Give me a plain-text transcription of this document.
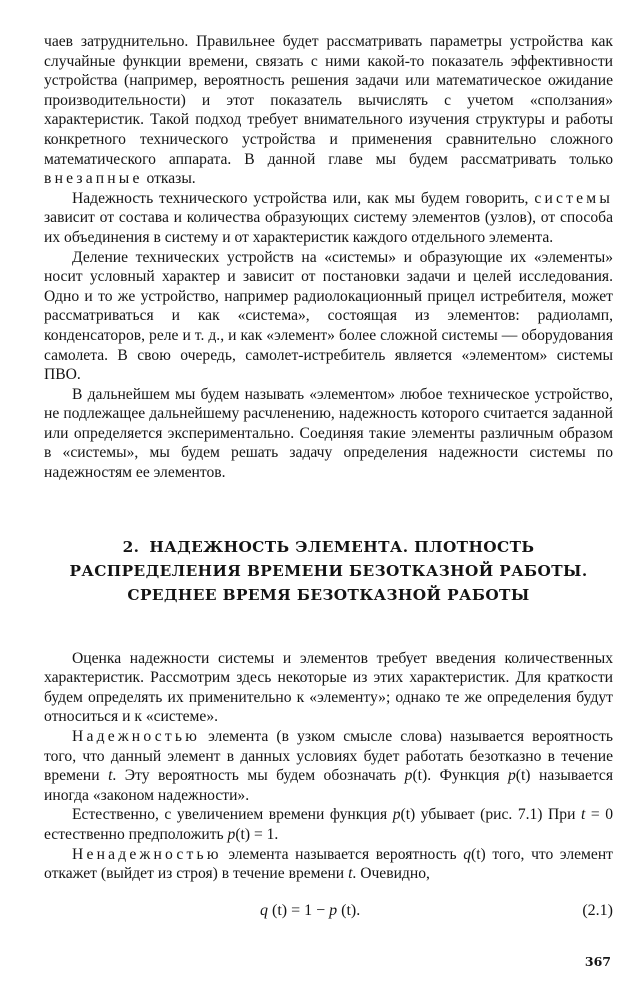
чаев затруднительно. Правильнее будет рассматривать параметры устройства как случайные функции времени, связать с ними какой-то показатель эффективности устройства (например, вероятность решения задачи или математическое ожидание производительности) и этот показатель вычислять с учетом «сползания» характеристик. Такой подход требует внимательного изучения структуры и работы конкретного технического устройства и применения сравнительно сложного математического аппарата. В данной главе мы будем рассматривать только внезапные отказы.

Надежность технического устройства или, как мы будем говорить, системы зависит от состава и количества образующих систему элементов (узлов), от способа их объединения в систему и от характеристик каждого отдельного элемента.

Деление технических устройств на «системы» и образующие их «элементы» носит условный характер и зависит от постановки задачи и целей исследования. Одно и то же устройство, например радиолокационный прицел истребителя, может рассматриваться и как «система», состоящая из элементов: радиоламп, конденсаторов, реле и т. д., и как «элемент» более сложной системы — оборудования самолета. В свою очередь, самолет-истребитель является «элементом» системы ПВО.

В дальнейшем мы будем называть «элементом» любое техническое устройство, не подлежащее дальнейшему расчленению, надежность которого считается заданной или определяется экспериментально. Соединяя такие элементы различным образом в «системы», мы будем решать задачу определения надежности системы по надежностям ее элементов.

2. НАДЕЖНОСТЬ ЭЛЕМЕНТА. ПЛОТНОСТЬ
РАСПРЕДЕЛЕНИЯ ВРЕМЕНИ БЕЗОТКАЗНОЙ РАБОТЫ.
СРЕДНЕЕ ВРЕМЯ БЕЗОТКАЗНОЙ РАБОТЫ

Оценка надежности системы и элементов требует введения количественных характеристик. Рассмотрим здесь некоторые из этих характеристик. Для краткости будем определять их применительно к «элементу»; однако те же определения будут относиться и к «системе».

Надежностью элемента (в узком смысле слова) называется вероятность того, что данный элемент в данных условиях будет работать безотказно в течение времени t. Эту вероятность мы будем обозначать p(t). Функция p(t) называется иногда «законом надежности».

Естественно, с увеличением времени функция p(t) убывает (рис. 7.1) При t = 0 естественно предположить p(t) = 1.

Ненадежностью элемента называется вероятность q(t) того, что элемент откажет (выйдет из строя) в течение времени t. Очевидно,

q (t) = 1 − p (t).	(2.1)
367
